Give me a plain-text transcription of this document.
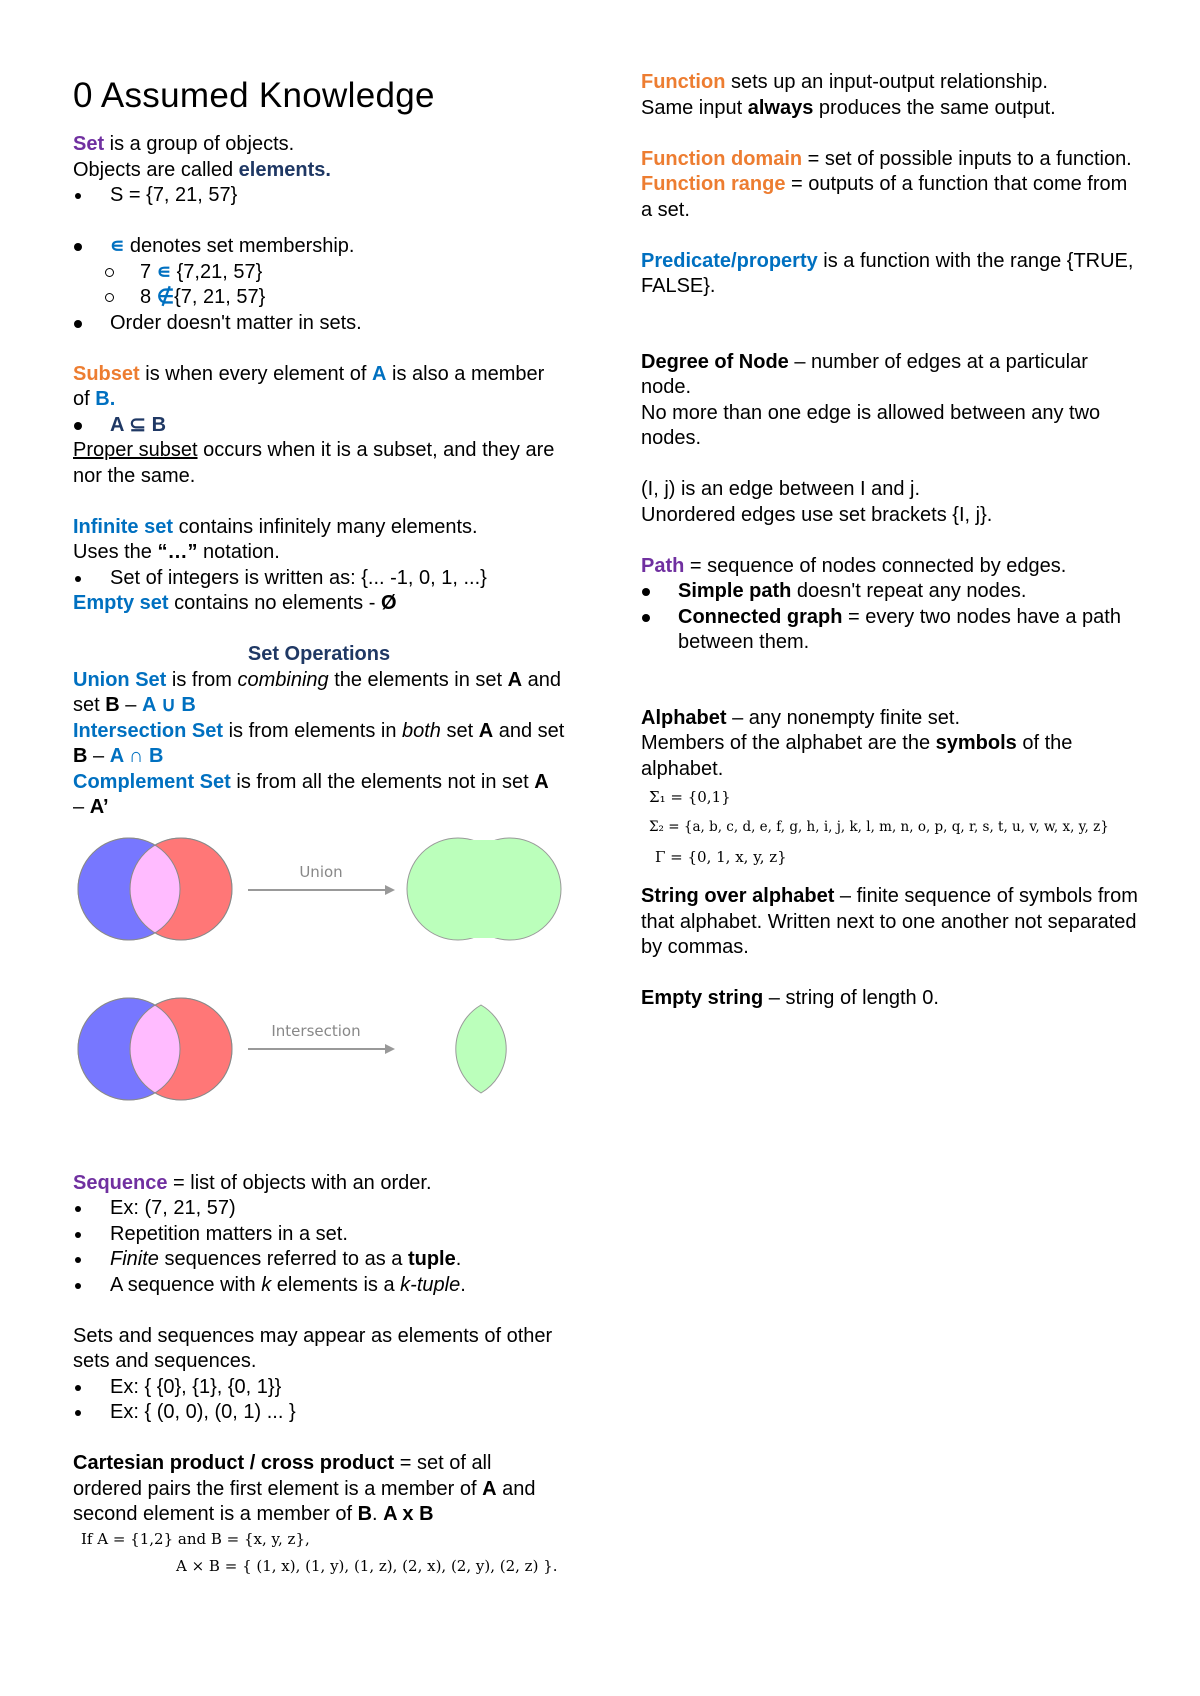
0 Assumed Knowledge

Set is a group of objects.

Objects are called elements.

S = {7, 21, 57}
∊ denotes set membership.
7 ∊ {7,21, 57}
8 ∉{7, 21, 57}
Order doesn't matter in sets.

Subset is when every element of A is also a member of B.

A ⊆ B

Proper subset occurs when it is a subset, and they are nor the same.

Infinite set contains infinitely many elements.

Uses the “…” notation.

Set of integers is written as: {... -1, 0, 1, ...}

Empty set contains no elements - Ø

Set Operations

Union Set is from combining the elements in set A and set B – A ∪ B

Intersection Set is from elements in both set A and set B – A ∩ B

Complement Set is from all the elements not in set A – A’

Union
Intersection

Sequence = list of objects with an order.

Ex: (7, 21, 57)
Repetition matters in a set.
Finite sequences referred to as a tuple.
A sequence with k elements is a k-tuple.

Sets and sequences may appear as elements of other sets and sequences.

Ex: { {0}, {1}, {0, 1}}
Ex: { (0, 0), (0, 1) ... }

Cartesian product / cross product = set of all ordered pairs the first element is a member of A and second element is a member of B. A x B

If A = {1,2} and B = {x, y, z},

A × B = { (1, x), (1, y), (1, z), (2, x), (2, y), (2, z) }.

Function sets up an input-output relationship.

Same input always produces the same output.

Function domain = set of possible inputs to a function.

Function range = outputs of a function that come from a set.

Predicate/property is a function with the range {TRUE, FALSE}.

Degree of Node – number of edges at a particular node.

No more than one edge is allowed between any two nodes.

(I, j) is an edge between I and j.

Unordered edges use set brackets {I, j}.

Path = sequence of nodes connected by edges.

Simple path doesn't repeat any nodes.
Connected graph = every two nodes have a path between them.

Alphabet – any nonempty finite set.

Members of the alphabet are the symbols of the alphabet.

Σ₁ = {0,1}

Σ₂ = {a, b, c, d, e, f, g, h, i, j, k, l, m, n, o, p, q, r, s, t, u, v, w, x, y, z}

Γ = {0, 1, x, y, z}

String over alphabet – finite sequence of symbols from that alphabet. Written next to one another not separated by commas.

Empty string – string of length 0.
